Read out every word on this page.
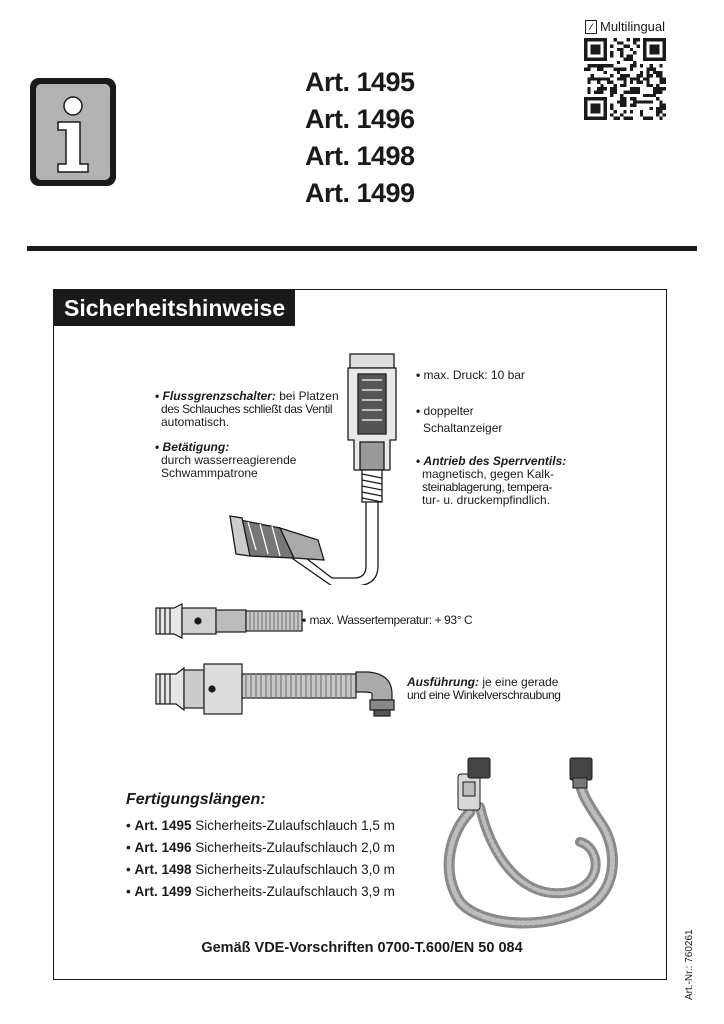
Art. 1495
Art. 1496
Art. 1498
Art. 1499
⁄ Multilingual
Sicherheitshinweise
• Flussgrenzschalter: bei Platzen
des Schlauches schließt das Ventil
automatisch.
• Betätigung:
durch wasserreagierende
Schwammpatrone
• max. Druck: 10 bar
• doppelter
Schaltanzeiger
• Antrieb des Sperrventils:
magnetisch, gegen Kalk-
steinablagerung, tempera-
tur- u. druckempfindlich.
• max. Wassertemperatur: + 93° C
Ausführung: je eine gerade
und eine Winkelverschraubung
Fertigungslängen:
• Art. 1495 Sicherheits-Zulaufschlauch 1,5 m
• Art. 1496 Sicherheits-Zulaufschlauch 2,0 m
• Art. 1498 Sicherheits-Zulaufschlauch 3,0 m
• Art. 1499 Sicherheits-Zulaufschlauch 3,9 m
Gemäß VDE-Vorschriften 0700-T.600/EN 50 084	Art.-Nr.: 760261
